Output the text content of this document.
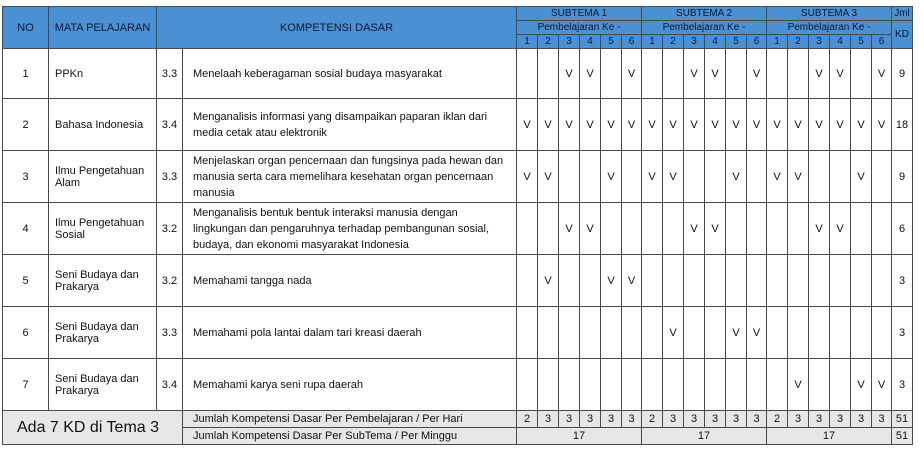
NO	MATA PELAJARAN	KOMPETENSI DASAR		SUBTEMA 1						SUBTEMA 2						SUBTEMA 3						Jml
				Pembelajaran Ke -						Pembelajaran Ke -						Pembelajaran Ke -						KD
				1	2	3	4	5	6	1	2	3	4	5	6	1	2	3	4	5	6	
1	PPKn	3.3	Menelaah keberagaman sosial budaya masyarakat			V	V		V			V	V		V			V	V		V	9
2	Bahasa Indonesia	3.4	Menganalisis informasi yang disampaikan paparan iklan dari media cetak atau elektronik	V	V	V	V	V	V	V	V	V	V	V	V	V	V	V	V	V	V	18
3	Ilmu Pengetahuan Alam	3.3	Menjelaskan organ pencernaan dan fungsinya pada hewan dan manusia serta cara memelihara kesehatan organ pencernaan manusia	V	V			V		V	V			V		V	V			V		9
4	Ilmu Pengetahuan Sosial	3.2	Menganalisis bentuk bentuk interaksi manusia dengan lingkungan dan pengaruhnya terhadap pembangunan sosial, budaya, dan ekonomi masyarakat Indonesia			V	V					V	V					V	V			6
5	Seni Budaya dan Prakarya	3.2	Memahami tangga nada		V			V	V													3
6	Seni Budaya dan Prakarya	3.3	Memahami pola lantai dalam tari kreasi daerah								V			V	V							3
7	Seni Budaya dan Prakarya	3.4	Memahami karya seni rupa daerah														V			V	V	3
Ada 7 KD di Tema 3			Jumlah Kompetensi Dasar Per Pembelajaran / Per Hari	2	3	3	3	3	3	2	3	3	3	3	3	2	3	3	3	3	3	51
			Jumlah Kompetensi Dasar Per SubTema / Per Minggu	17						17						17						51
